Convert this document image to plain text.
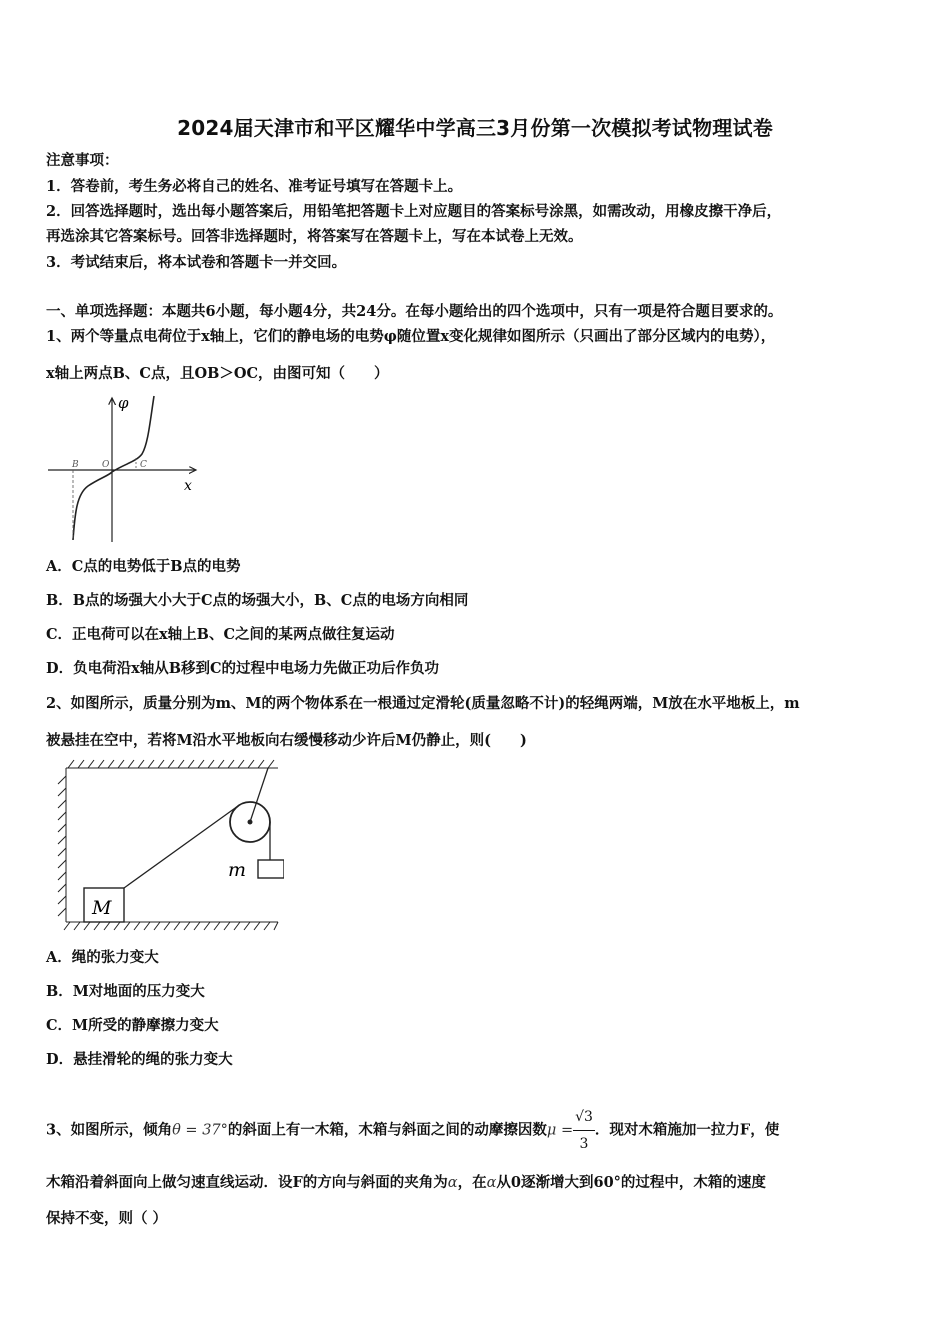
2024届天津市和平区耀华中学高三3月份第一次模拟考试物理试卷
注意事项：
1．答卷前，考生务必将自己的姓名、准考证号填写在答题卡上。
2．回答选择题时，选出每小题答案后，用铅笔把答题卡上对应题目的答案标号涂黑，如需改动，用橡皮擦干净后，
再选涂其它答案标号。回答非选择题时，将答案写在答题卡上，写在本试卷上无效。
3．考试结束后，将本试卷和答题卡一并交回。
一、单项选择题：本题共6小题，每小题4分，共24分。在每小题给出的四个选项中，只有一项是符合题目要求的。
1、两个等量点电荷位于x轴上，它们的静电场的电势φ随位置x变化规律如图所示（只画出了部分区域内的电势），
x轴上两点B、C点，且OB＞OC，由图可知（　　）
φ
x
B	O	C
A．C点的电势低于B点的电势
B．B点的场强大小大于C点的场强大小，B、C点的电场方向相同
C．正电荷可以在x轴上B、C之间的某两点做往复运动
D．负电荷沿x轴从B移到C的过程中电场力先做正功后作负功
2、如图所示，质量分别为m、M的两个物体系在一根通过定滑轮(质量忽略不计)的轻绳两端，M放在水平地板上，m
被悬挂在空中，若将M沿水平地板向右缓慢移动少许后M仍静止，则(　　)
M
m
A．绳的张力变大
B．M对地面的压力变大
C．M所受的静摩擦力变大
D．悬挂滑轮的绳的张力变大
3、如图所示，倾角θ = 37°的斜面上有一木箱，木箱与斜面之间的动摩擦因数$\mu = \frac{√3}{3}$ ．现对木箱施加一拉力F，使
木箱沿着斜面向上做匀速直线运动．设F的方向与斜面的夹角为α，在α从0逐渐增大到60°的过程中，木箱的速度
保持不变，则（ ）
